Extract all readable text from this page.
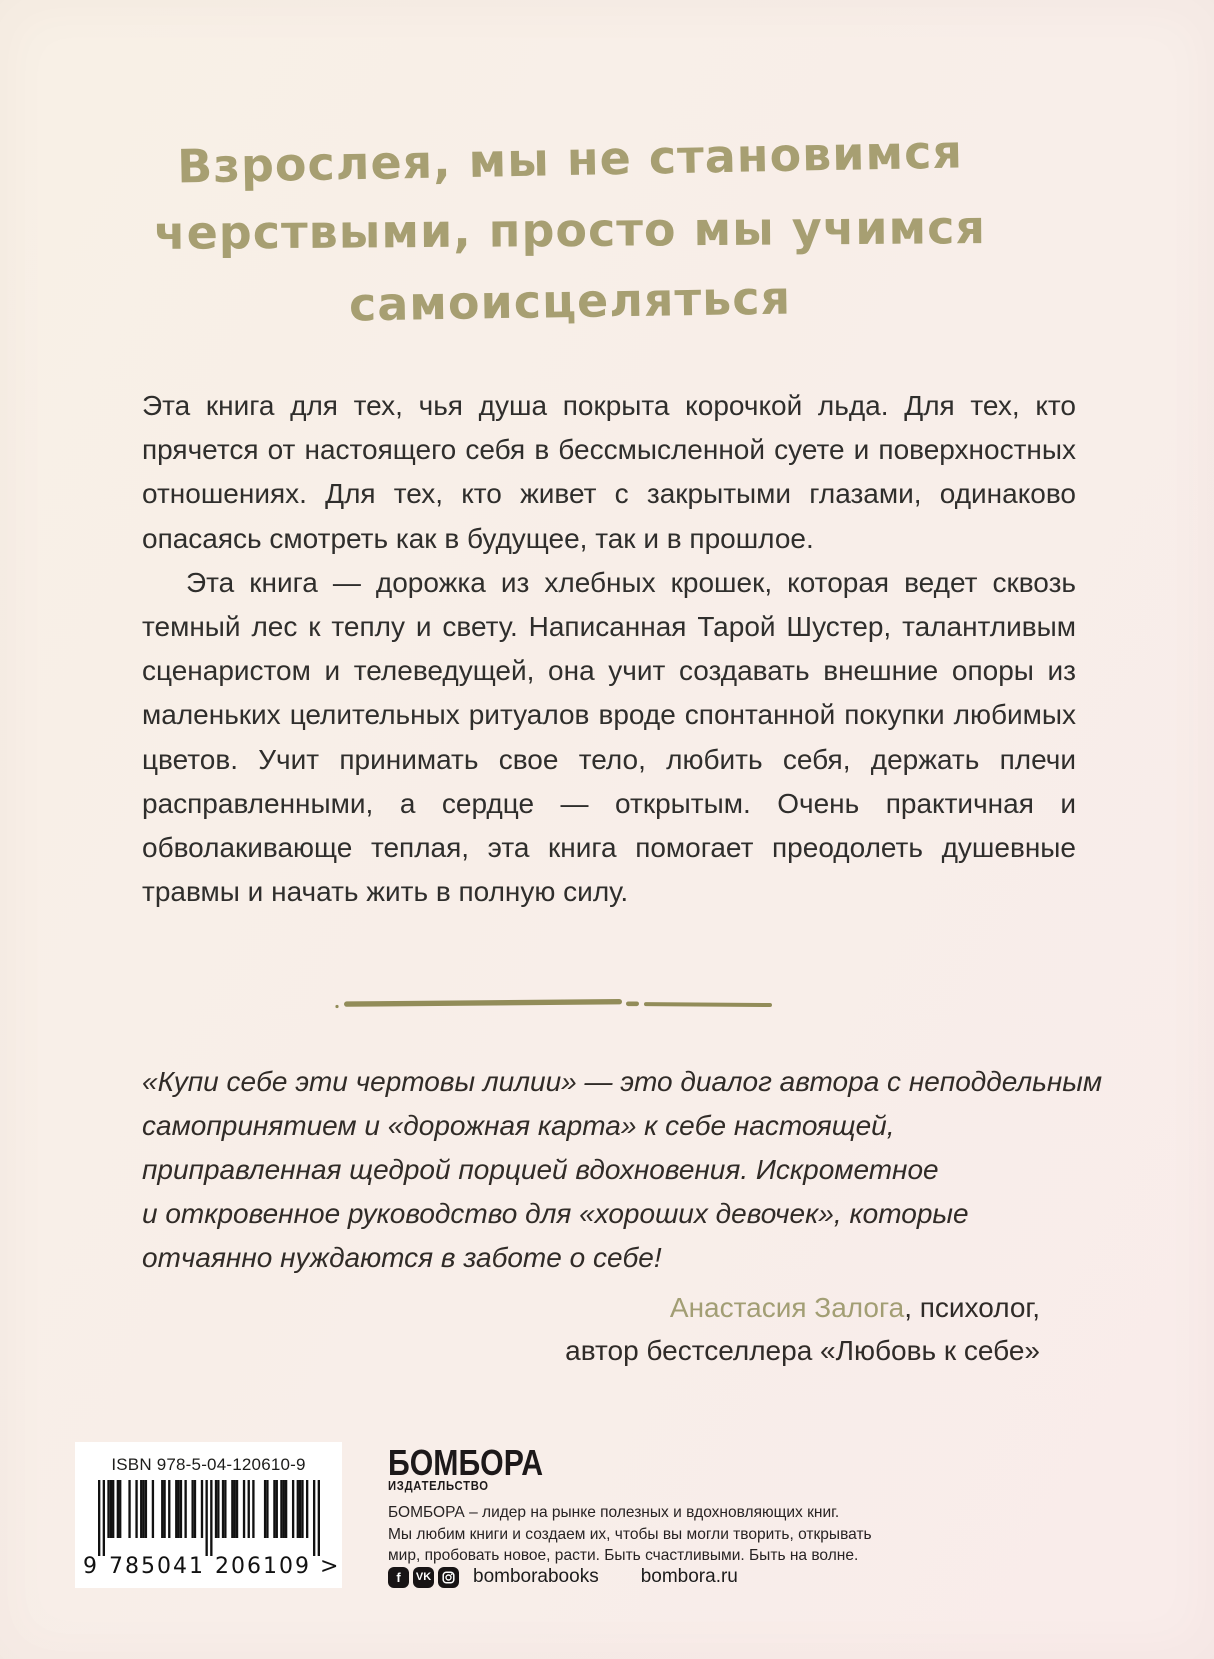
Взрослея, мы не становимся
черствыми, просто мы учимся
самоисцеляться

Эта книга для тех, чья душа покрыта корочкой льда. Для тех, кто прячется от настоящего себя в бессмысленной суете и поверхностных отношениях. Для тех, кто живет с закрытыми глазами, одинаково опасаясь смотреть как в будущее, так и в прошлое.

Эта книга — дорожка из хлебных крошек, которая ведет сквозь темный лес к теплу и свету. Написанная Тарой Шустер, талантливым сценаристом и телеведущей, она учит создавать внешние опоры из маленьких целительных ритуалов вроде спонтанной покупки любимых цветов. Учит принимать свое тело, любить себя, держать плечи расправленными, а сердце — открытым. Очень практичная и обволакивающе теплая, эта книга помогает преодолеть душевные травмы и начать жить в полную силу.

«Купи себе эти чертовы лилии» — это диалог автора с неподдельным
самопринятием и «дорожная карта» к себе настоящей,
приправленная щедрой порцией вдохновения. Искрометное
и откровенное руководство для «хороших девочек», которые
отчаянно нуждаются в заботе о себе!
Анастасия Залога, психолог,
автор бестселлера «Любовь к себе»
ISBN 978-5-04-120610-9
9 785041 206109 >
БОМБОРА
ИЗДАТЕЛЬСТВО
БОМБОРА – лидер на рынке полезных и вдохновляющих книг.
Мы любим книги и создаем их, чтобы вы могли творить, открывать
мир, пробовать новое, расти. Быть счастливыми. Быть на волне.
f	VK bomborabooks bombora.ru
